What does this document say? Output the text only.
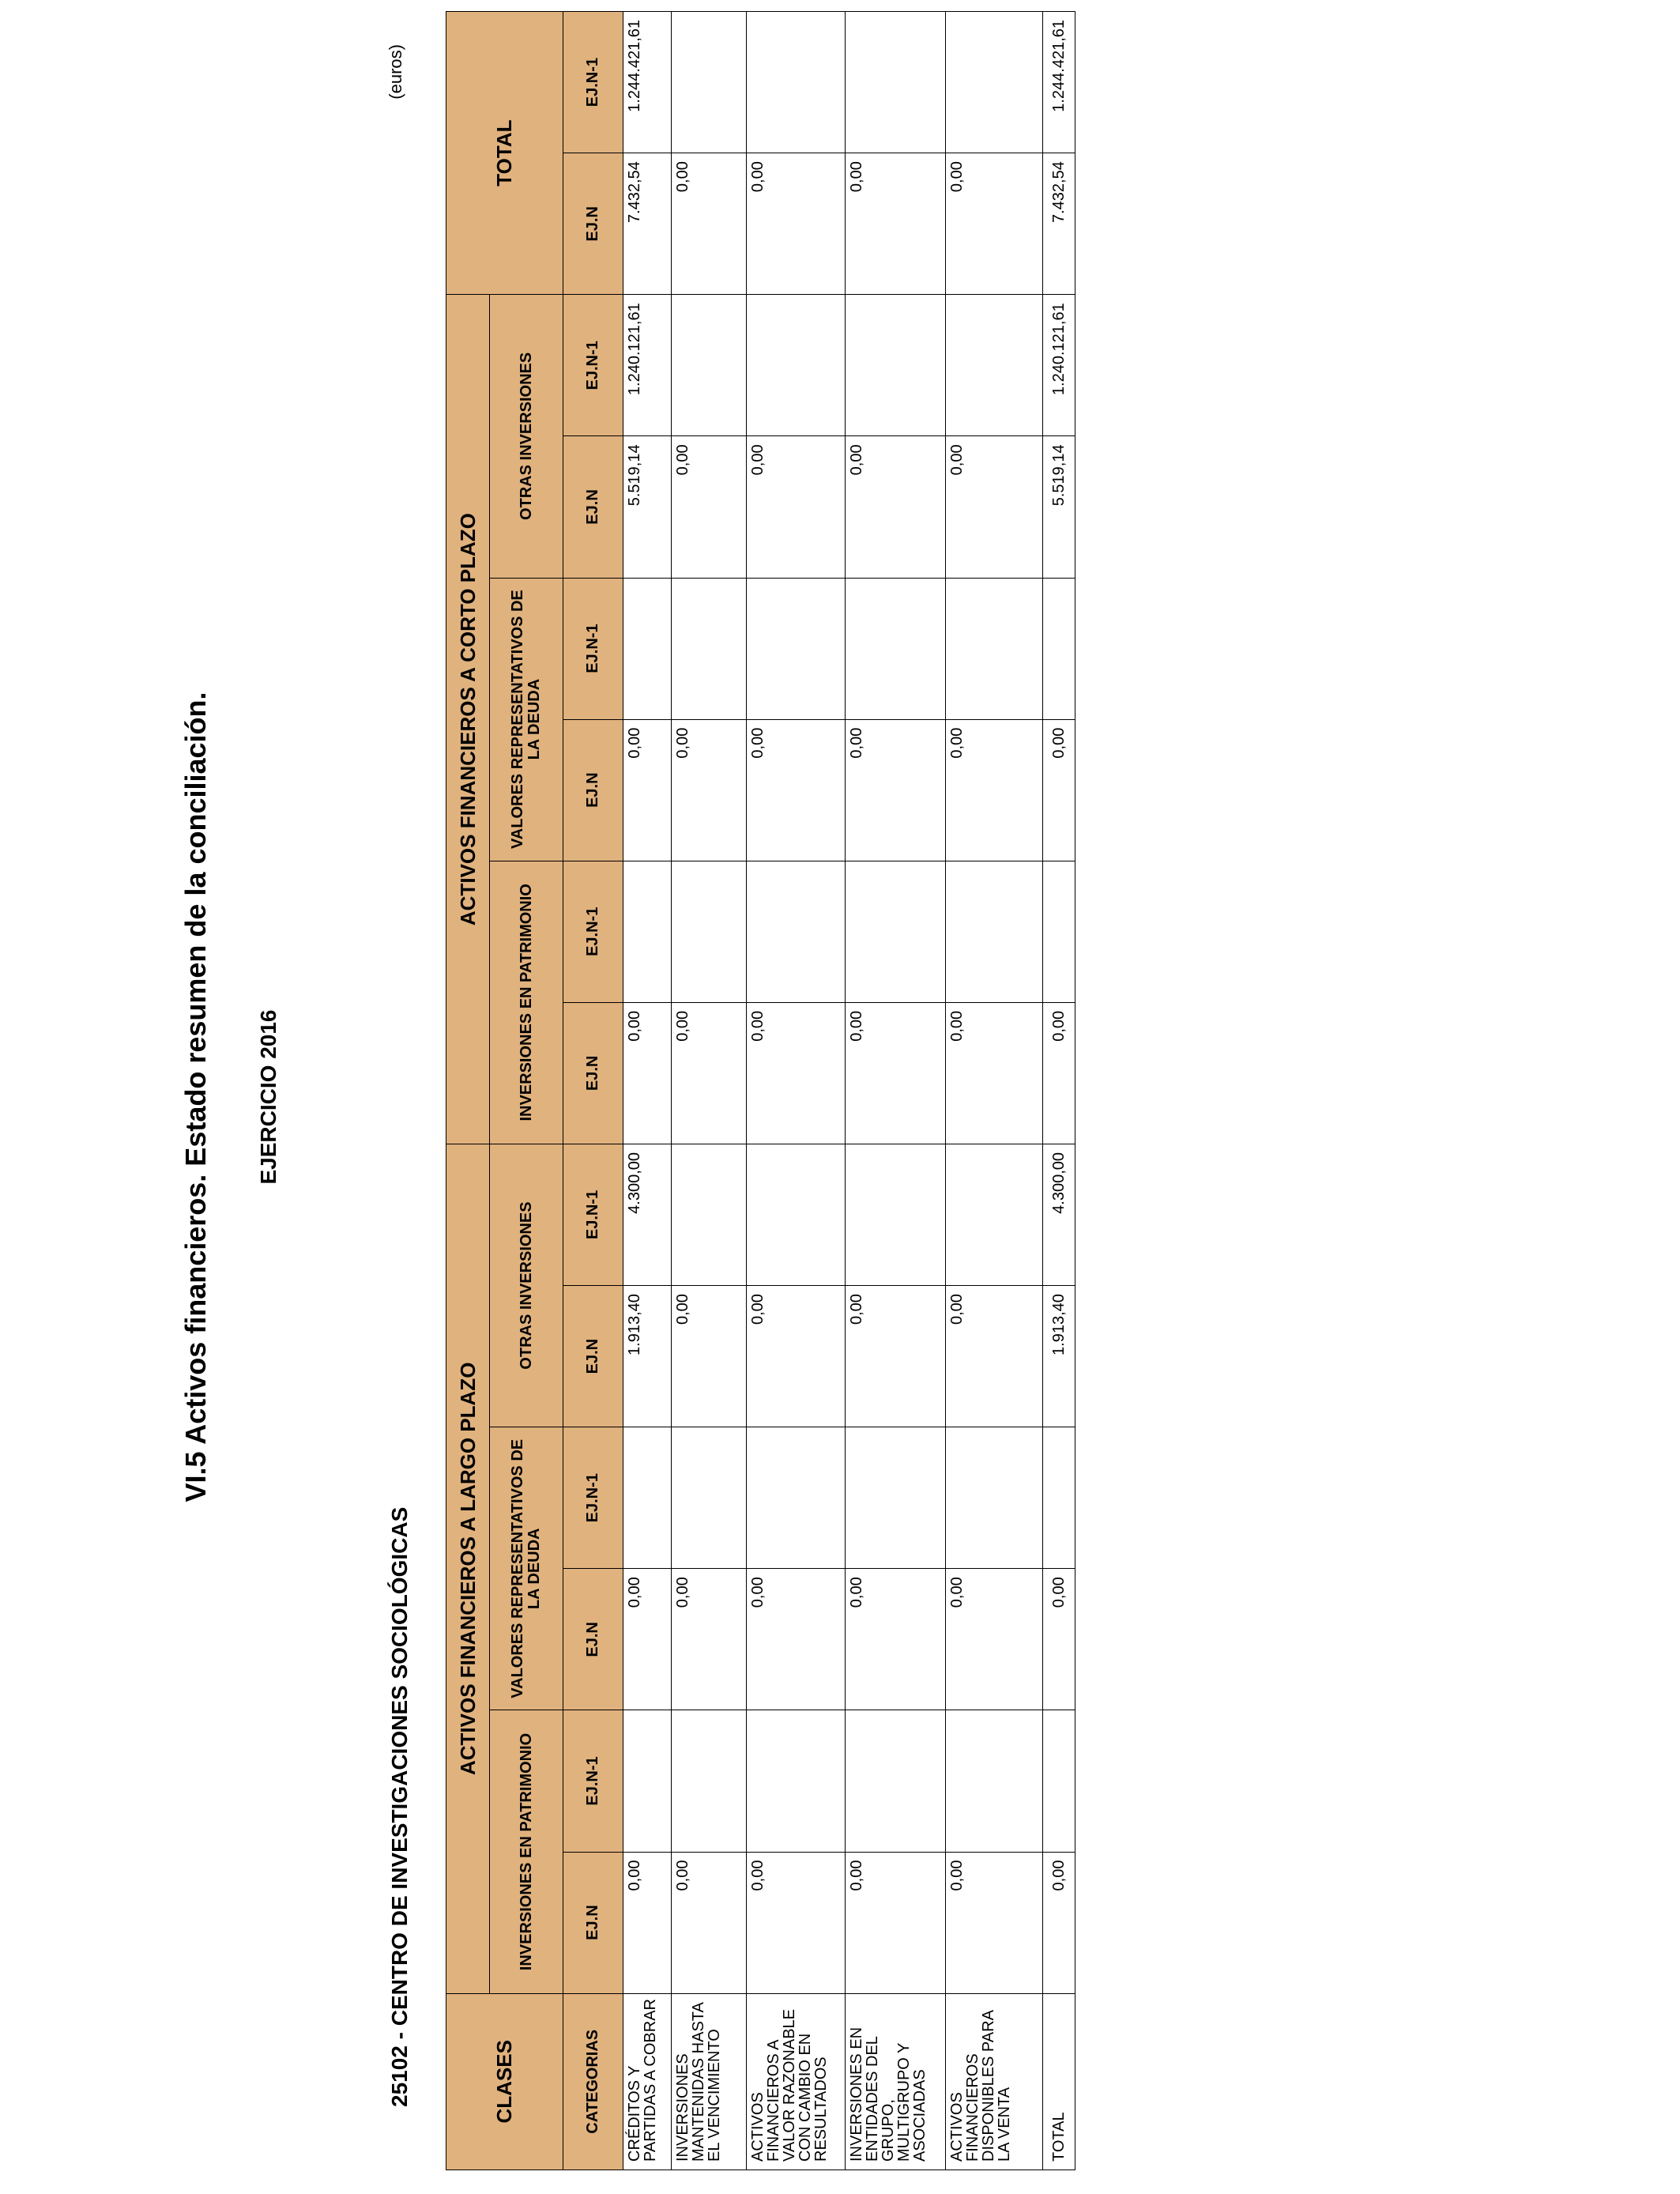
VI.5 Activos financieros. Estado resumen de la conciliación. EJERCICIO 2016
25102 - CENTRO DE INVESTIGACIONES SOCIOLÓGICAS
(euros)
CLASES	ACTIVOS FINANCIEROS A LARGO PLAZO						ACTIVOS FINANCIEROS A CORTO PLAZO						TOTAL	
	INVERSIONES EN PATRIMONIO		VALORES REPRESENTATIVOS DE LA DEUDA		OTRAS INVERSIONES		INVERSIONES EN PATRIMONIO		VALORES REPRESENTATIVOS DE LA DEUDA		OTRAS INVERSIONES			
CATEGORIAS	EJ.N	EJ.N-1	EJ.N	EJ.N-1	EJ.N	EJ.N-1	EJ.N	EJ.N-1	EJ.N	EJ.N-1	EJ.N	EJ.N-1	EJ.N	EJ.N-1
CRÉDITOS Y PARTIDAS A COBRAR	0,00		0,00		1.913,40	4.300,00	0,00		0,00		5.519,14	1.240.121,61	7.432,54	1.244.421,61
INVERSIONES MANTENIDAS HASTA EL VENCIMIENTO	0,00		0,00		0,00		0,00		0,00		0,00		0,00	
ACTIVOS FINANCIEROS A VALOR RAZONABLE CON CAMBIO EN RESULTADOS	0,00		0,00		0,00		0,00		0,00		0,00		0,00	
INVERSIONES EN ENTIDADES DEL GRUPO, MULTIGRUPO Y ASOCIADAS	0,00		0,00		0,00		0,00		0,00		0,00		0,00	
ACTIVOS FINANCIEROS DISPONIBLES PARA LA VENTA	0,00		0,00		0,00		0,00		0,00		0,00		0,00	
TOTAL	0,00		0,00		1.913,40	4.300,00	0,00		0,00		5.519,14	1.240.121,61	7.432,54	1.244.421,61
